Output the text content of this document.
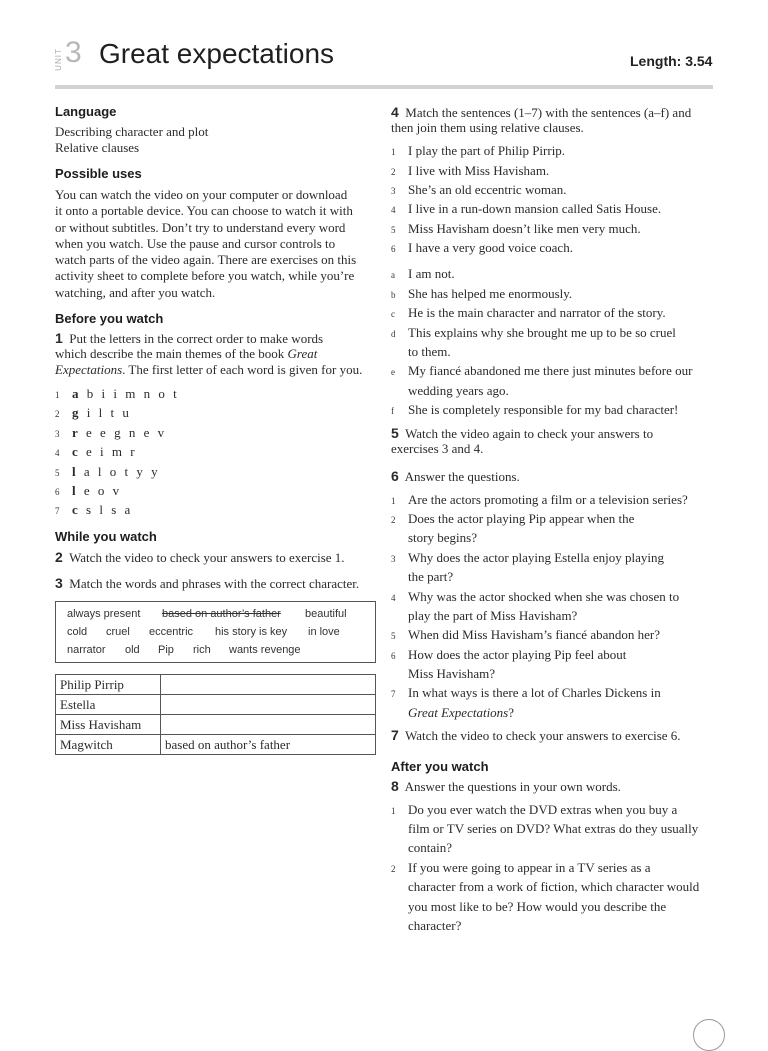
UNIT 3 Great expectations	Length: 3.54
Language
Describing character and plot
Relative clauses
Possible uses
You can watch the video on your computer or download
it onto a portable device. You can choose to watch it with
or without subtitles. Don’t try to understand every word
when you watch. Use the pause and cursor controls to
watch parts of the video again. There are exercises on this
activity sheet to complete before you watch, while you’re
watching, and after you watch.
Before you watch
1 Put the letters in the correct order to make words
which describe the main themes of the book Great
Expectations. The first letter of each word is given for you.
1 a b i i m n o t
2 g i l t u
3 r e e g n e v
4 c e i m r
5 l a l o t y y
6 l e o v
7 c s l s a
While you watch
2 Watch the video to check your answers to exercise 1.
3 Match the words and phrases with the correct character.
always present based on author’s father beautiful
cold cruel eccentric his story is key in love
narrator old Pip rich wants revenge
Philip Pirrip	
Estella	
Miss Havisham	
Magwitch	based on author’s father
4 Match the sentences (1–7) with the sentences (a–f) and
then join them using relative clauses.
1 I play the part of Philip Pirrip.
2 I live with Miss Havisham.
3 She’s an old eccentric woman.
4 I live in a run-down mansion called Satis House.
5 Miss Havisham doesn’t like men very much.
6 I have a very good voice coach.
a I am not.
b She has helped me enormously.
c He is the main character and narrator of the story.
d This explains why she brought me up to be so cruel
to them.
e My fiancé abandoned me there just minutes before our
wedding years ago.
f She is completely responsible for my bad character!
5 Watch the video again to check your answers to
exercises 3 and 4.
6 Answer the questions.
1 Are the actors promoting a film or a television series?
2 Does the actor playing Pip appear when the
story begins?
3 Why does the actor playing Estella enjoy playing
the part?
4 Why was the actor shocked when she was chosen to
play the part of Miss Havisham?
5 When did Miss Havisham’s fiancé abandon her?
6 How does the actor playing Pip feel about
Miss Havisham?
7 In what ways is there a lot of Charles Dickens in
Great Expectations?
7 Watch the video to check your answers to exercise 6.
After you watch
8 Answer the questions in your own words.
1 Do you ever watch the DVD extras when you buy a
film or TV series on DVD? What extras do they usually
contain?
2 If you were going to appear in a TV series as a
character from a work of fiction, which character would
you most like to be? How would you describe the
character?
